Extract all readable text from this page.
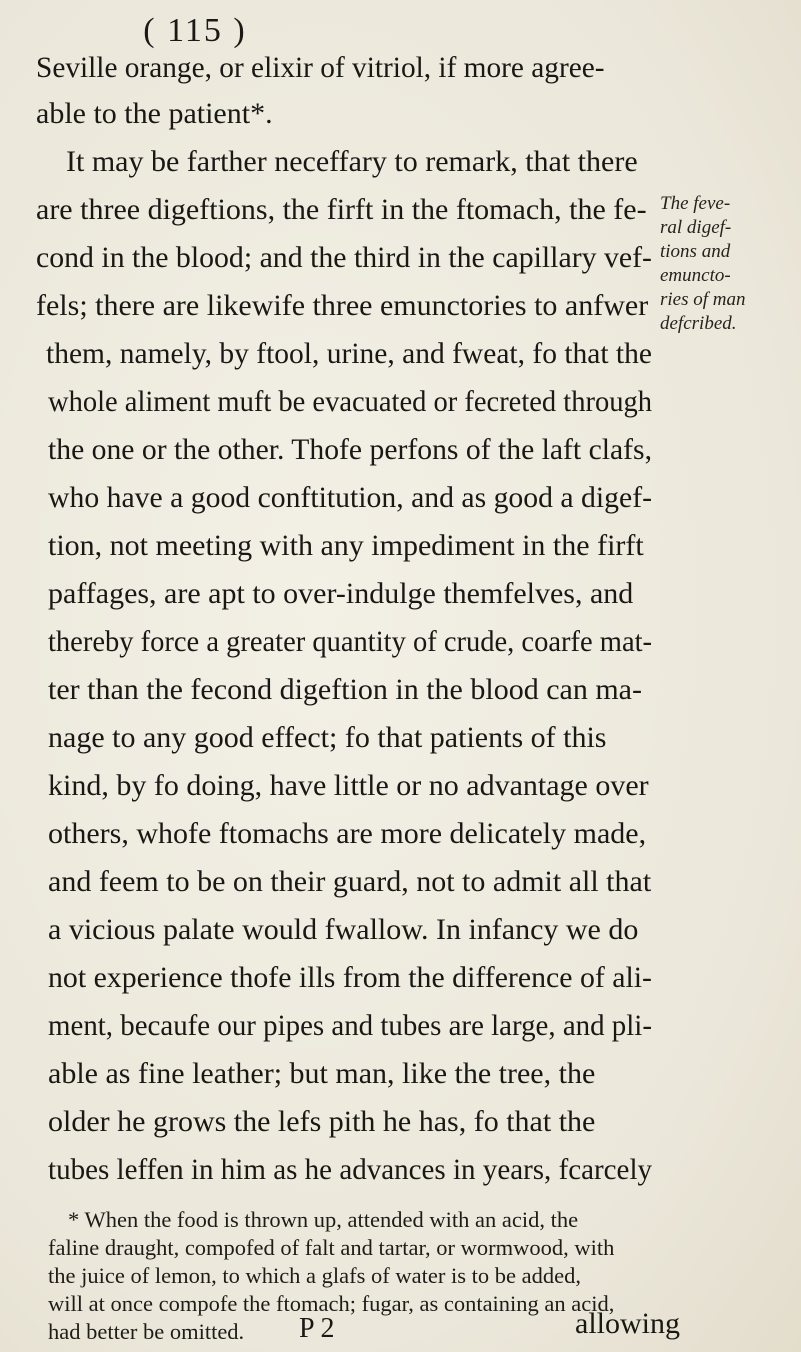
( 115 )
Seville orange, or elixir of vitriol, if more agree-
able to the patient*.
It may be farther neceffary to remark, that there
are three digeftions, the firft in the ftomach, the fe-
cond in the blood; and the third in the capillary vef-
fels; there are likewife three emunctories to anfwer
them, namely, by ftool, urine, and fweat, fo that the
whole aliment muft be evacuated or fecreted through
the one or the other. Thofe perfons of the laft clafs,
who have a good conftitution, and as good a digef-
tion, not meeting with any impediment in the firft
paffages, are apt to over-indulge themfelves, and
thereby force a greater quantity of crude, coarfe mat-
ter than the fecond digeftion in the blood can ma-
nage to any good effect; fo that patients of this
kind, by fo doing, have little or no advantage over
others, whofe ftomachs are more delicately made,
and feem to be on their guard, not to admit all that
a vicious palate would fwallow. In infancy we do
not experience thofe ills from the difference of ali-
ment, becaufe our pipes and tubes are large, and pli-
able as fine leather; but man, like the tree, the
older he grows the lefs pith he has, fo that the
tubes leffen in him as he advances in years, fcarcely
The feve-
ral digef-
tions and
emuncto-
ries of man
defcribed.
* When the food is thrown up, attended with an acid, the
faline draught, compofed of falt and tartar, or wormwood, with
the juice of lemon, to which a glafs of water is to be added,
will at once compofe the ftomach; fugar, as containing an acid,
had better be omitted. P 2	allowing
